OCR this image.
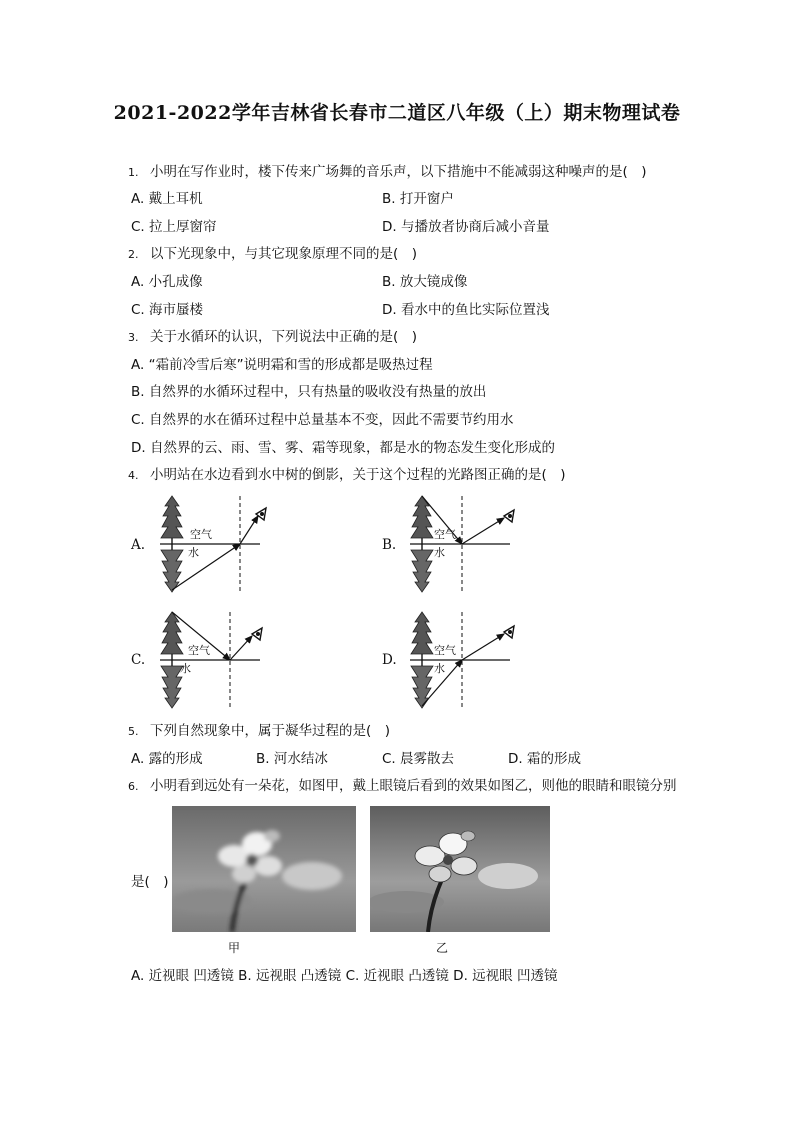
2021-2022学年吉林省长春市二道区八年级（上）期末物理试卷
1. 小明在写作业时，楼下传来广场舞的音乐声，以下措施中不能减弱这种噪声的是(　)
A. 戴上耳机	B. 打开窗户
C. 拉上厚窗帘	D. 与播放者协商后减小音量
2. 以下光现象中，与其它现象原理不同的是(　)
A. 小孔成像	B. 放大镜成像
C. 海市蜃楼	D. 看水中的鱼比实际位置浅
3. 关于水循环的认识，下列说法中正确的是(　)
A. “霜前冷雪后寒”说明霜和雪的形成都是吸热过程
B. 自然界的水循环过程中，只有热量的吸收没有热量的放出
C. 自然界的水在循环过程中总量基本不变，因此不需要节约用水
D. 自然界的云、雨、雪、雾、霜等现象，都是水的物态发生变化形成的
4. 小明站在水边看到水中树的倒影，关于这个过程的光路图正确的是(　)
A.
空气
水	B.
空气
水
C.
空气
水
D.
空气
水
5. 下列自然现象中，属于凝华过程的是(　)
A. 露的形成	B. 河水结冰	C. 晨雾散去	D. 霜的形成
6. 小明看到远处有一朵花，如图甲，戴上眼镜后看到的效果如图乙，则他的眼睛和眼镜分别
是(　)
甲	乙
A. 近视眼 凹透镜 B. 远视眼 凸透镜 C. 近视眼 凸透镜 D. 远视眼 凹透镜
